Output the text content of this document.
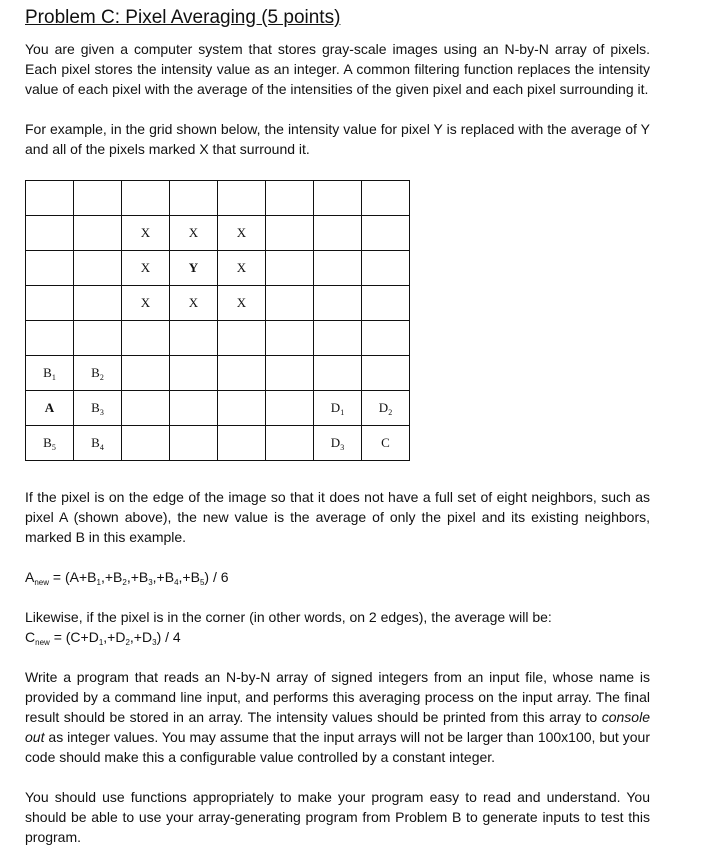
Problem C: Pixel Averaging (5 points)

You are given a computer system that stores gray-scale images using an N-by-N array of pixels. Each pixel stores the intensity value as an integer. A common filtering function replaces the intensity value of each pixel with the average of the intensities of the given pixel and each pixel surrounding it.

For example, in the grid shown below, the intensity value for pixel Y is replaced with the average of Y and all of the pixels marked X that surround it.

		X	X	X			
		X	Y	X			
		X	X	X			

$B_1$	$B_2$						
A	$B_3$					$D_1$	$D_2$
$B_5$	$B_4$					$D_3$	C

If the pixel is on the edge of the image so that it does not have a full set of eight neighbors, such as pixel A (shown above), the new value is the average of only the pixel and its existing neighbors, marked B in this example.

$A_{new} = (A+B_1,+B_2,+B_3,+B_4,+B_5) / 6$

Likewise, if the pixel is in the corner (in other words, on 2 edges), the average will be:

$C_{new} = (C+D_1,+D_2,+D_3) / 4$

Write a program that reads an N-by-N array of signed integers from an input file, whose name is provided by a command line input, and performs this averaging process on the input array. The final result should be stored in an array. The intensity values should be printed from this array to console out as integer values. You may assume that the input arrays will not be larger than 100x100, but your code should make this a configurable value controlled by a constant integer.

You should use functions appropriately to make your program easy to read and understand. You should be able to use your array-generating program from Problem B to generate inputs to test this program.
